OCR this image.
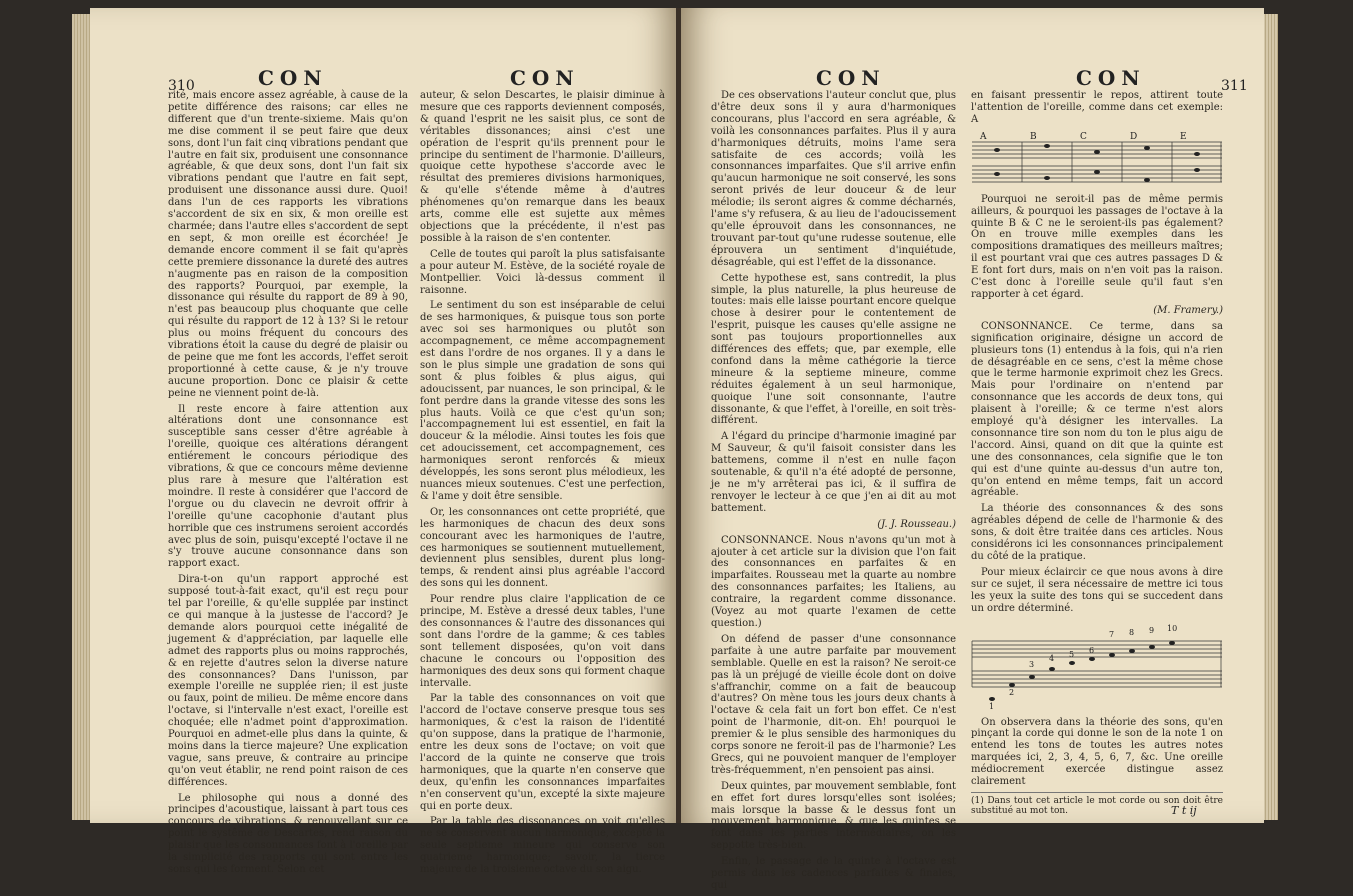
310	CON	CON

rité, mais encore assez agréable, à cause de la petite différence des raisons; car elles ne different que d'un trente-sixieme. Mais qu'on me dise comment il se peut faire que deux sons, dont l'un fait cinq vibrations pendant que l'autre en fait six, produisent une consonnance agréable, & que deux sons, dont l'un fait six vibrations pendant que l'autre en fait sept, produisent une dissonance aussi dure. Quoi! dans l'un de ces rapports les vibrations s'accordent de six en six, & mon oreille est charmée; dans l'autre elles s'accordent de sept en sept, & mon oreille est écorchée! Je demande encore comment il se fait qu'après cette premiere dissonance la dureté des autres n'augmente pas en raison de la composition des rapports? Pourquoi, par exemple, la dissonance qui résulte du rapport de 89 à 90, n'est pas beaucoup plus choquante que celle qui résulte du rapport de 12 à 13? Si le retour plus ou moins fréquent du concours des vibrations étoit la cause du degré de plaisir ou de peine que me font les accords, l'effet seroit proportionné à cette cause, & je n'y trouve aucune proportion. Donc ce plaisir & cette peine ne viennent point de-là.

Il reste encore à faire attention aux altérations dont une consonnance est susceptible sans cesser d'être agréable à l'oreille, quoique ces altérations dérangent entiérement le concours périodique des vibrations, & que ce concours même devienne plus rare à mesure que l'altération est moindre. Il reste à considérer que l'accord de l'orgue ou du clavecin ne devroit offrir à l'oreille qu'une cacophonie d'autant plus horrible que ces instrumens seroient accordés avec plus de soin, puisqu'excepté l'octave il ne s'y trouve aucune consonnance dans son rapport exact.

Dira-t-on qu'un rapport approché est supposé tout-à-fait exact, qu'il est reçu pour tel par l'oreille, & qu'elle supplée par instinct ce qui manque à la justesse de l'accord? Je demande alors pourquoi cette inégalité de jugement & d'appréciation, par laquelle elle admet des rapports plus ou moins rapprochés, & en rejette d'autres selon la diverse nature des consonnances? Dans l'unisson, par exemple l'oreille ne supplée rien; il est juste ou faux, point de milieu. De même encore dans l'octave, si l'intervalle n'est exact, l'oreille est choquée; elle n'admet point d'approximation. Pourquoi en admet-elle plus dans la quinte, & moins dans la tierce majeure? Une explication vague, sans preuve, & contraire au principe qu'on veut établir, ne rend point raison de ces différences.

Le philosophe qui nous a donné des principes d'acoustique, laissant à part tous ces concours de vibrations, & renouvellant sur ce point le systême de Descartes, rend raison du plaisir que les consonnances font à l'oreille par la simplicité des rapports qui sont entre les sons qui les forment. Selon cet

auteur, & selon Descartes, le plaisir diminue à mesure que ces rapports deviennent composés, & quand l'esprit ne les saisit plus, ce sont de véritables dissonances; ainsi c'est une opération de l'esprit qu'ils prennent pour le principe du sentiment de l'harmonie. D'ailleurs, quoique cette hypothese s'accorde avec le résultat des premieres divisions harmoniques, & qu'elle s'étende même à d'autres phénomenes qu'on remarque dans les beaux arts, comme elle est sujette aux mêmes objections que la précédente, il n'est pas possible à la raison de s'en contenter.

Celle de toutes qui paroît la plus satisfaisante a pour auteur M. Estève, de la société royale de Montpellier. Voici là-dessus comment il raisonne.

Le sentiment du son est inséparable de celui de ses harmoniques, & puisque tous son porte avec soi ses harmoniques ou plutôt son accompagnement, ce même accompagnement est dans l'ordre de nos organes. Il y a dans le son le plus simple une gradation de sons qui sont & plus foibles & plus aigus, qui adoucissent, par nuances, le son principal, & le font perdre dans la grande vitesse des sons les plus hauts. Voilà ce que c'est qu'un son; l'accompagnement lui est essentiel, en fait la douceur & la mélodie. Ainsi toutes les fois que cet adoucissement, cet accompagnement, ces harmoniques seront renforcés & mieux développés, les sons seront plus mélodieux, les nuances mieux soutenues. C'est une perfection, & l'ame y doit être sensible.

Or, les consonnances ont cette propriété, que les harmoniques de chacun des deux sons concourant avec les harmoniques de l'autre, ces harmoniques se soutiennent mutuellement, deviennent plus sensibles, durent plus long-temps, & rendent ainsi plus agréable l'accord des sons qui les donnent.

Pour rendre plus claire l'application de ce principe, M. Estève a dressé deux tables, l'une des consonnances & l'autre des dissonances qui sont dans l'ordre de la gamme; & ces tables sont tellement disposées, qu'on voit dans chacune le concours ou l'opposition des harmoniques des deux sons qui forment chaque intervalle.

Par la table des consonnances on voit que l'accord de l'octave conserve presque tous ses harmoniques, & c'est la raison de l'identité qu'on suppose, dans la pratique de l'harmonie, entre les deux sons de l'octave; on voit que l'accord de la quinte ne conserve que trois harmoniques, que la quarte n'en conserve que deux, qu'enfin les consonnances imparfaites n'en conservent qu'un, excepté la sixte majeure qui en porte deux.

Par la table des dissonances on voit qu'elles ne se conservent aucun harmonique, excepté la seule septieme mineure qui conserve son quatrieme harmonique; savoir, la tierce majeure de la troisieme octave du son aigu.

CON	CON	311

De ces observations l'auteur conclut que, plus d'être deux sons il y aura d'harmoniques concourans, plus l'accord en sera agréable, & voilà les consonnances parfaites. Plus il y aura d'harmoniques détruits, moins l'ame sera satisfaite de ces accords; voilà les consonnances imparfaites. Que s'il arrive enfin qu'aucun harmonique ne soit conservé, les sons seront privés de leur douceur & de leur mélodie; ils seront aigres & comme décharnés, l'ame s'y refusera, & au lieu de l'adoucissement qu'elle éprouvoit dans les consonnances, ne trouvant par-tout qu'une rudesse soutenue, elle éprouvera un sentiment d'inquiétude, désagréable, qui est l'effet de la dissonance.

Cette hypothese est, sans contredit, la plus simple, la plus naturelle, la plus heureuse de toutes: mais elle laisse pourtant encore quelque chose à desirer pour le contentement de l'esprit, puisque les causes qu'elle assigne ne sont pas toujours proportionnelles aux différences des effets; que, par exemple, elle confond dans la même cathégorie la tierce mineure & la septieme mineure, comme réduites également à un seul harmonique, quoique l'une soit consonnante, l'autre dissonante, & que l'effet, à l'oreille, en soit très-différent.

A l'égard du principe d'harmonie imaginé par M Sauveur, & qu'il faisoit consister dans les battemens, comme il n'est en nulle façon soutenable, & qu'il n'a été adopté de personne, je ne m'y arrêterai pas ici, & il suffira de renvoyer le lecteur à ce que j'en ai dit au mot battement.

(J. J. Rousseau.)

CONSONNANCE. Nous n'avons qu'un mot à ajouter à cet article sur la division que l'on fait des consonnances en parfaites & en imparfaites. Rousseau met la quarte au nombre des consonnances parfaites; les Italiens, au contraire, la regardent comme dissonance. (Voyez au mot quarte l'examen de cette question.)

On défend de passer d'une consonnance parfaite à une autre parfaite par mouvement semblable. Quelle en est la raison? Ne seroit-ce pas là un préjugé de vieille école dont on doive s'affranchir, comme on a fait de beaucoup d'autres? On mène tous les jours deux chants à l'octave & cela fait un fort bon effet. Ce n'est point de l'harmonie, dit-on. Eh! pourquoi le premier & le plus sensible des harmoniques du corps sonore ne feroit-il pas de l'harmonie? Les Grecs, qui ne pouvoient manquer de l'employer très-fréquemment, n'en pensoient pas ainsi.

Deux quintes, par mouvement semblable, font en effet fort dures lorsqu'elles sont isolées; mais lorsque la basse & le dessus font un mouvement harmonique, & que les quintes se font dans les parties intermédiaires, on les seppotte très-bien.

Enfin, le passage de la quinte à l'octave est permis dans les cadences parfaites & finales, qui

en faisant pressentir le repos, attirent toute l'attention de l'oreille, comme dans cet exemple: A

A	B	C	D	E

Pourquoi ne seroit-il pas de même permis ailleurs, & pourquoi les passages de l'octave à la quinte B & C ne le seroient-ils pas également? On en trouve mille exemples dans les compositions dramatiques des meilleurs maîtres; il est pourtant vrai que ces autres passages D & E font fort durs, mais on n'en voit pas la raison. C'est donc à l'oreille seule qu'il faut s'en rapporter à cet égard.

(M. Framery.)

CONSONNANCE. Ce terme, dans sa signification originaire, désigne un accord de plusieurs tons (1) entendus à la fois, qui n'a rien de désagréable en ce sens, c'est la même chose que le terme harmonie exprimoit chez les Grecs. Mais pour l'ordinaire on n'entend par consonnance que les accords de deux tons, qui plaisent à l'oreille; & ce terme n'est alors employé qu'à désigner les intervalles. La consonnance tire son nom du ton le plus aigu de l'accord. Ainsi, quand on dit que la quinte est une des consonnances, cela signifie que le ton qui est d'une quinte au-dessus d'un autre ton, qu'on entend en même temps, fait un accord agréable.

La théorie des consonnances & des sons agréables dépend de celle de l'harmonie & des sons, & doit être traitée dans ces articles. Nous considérons ici les consonnances principalement du côté de la pratique.

Pour mieux éclaircir ce que nous avons à dire sur ce sujet, il sera nécessaire de mettre ici tous les yeux la suite des tons qui se succedent dans un ordre déterminé.

1
2
3
4 5 6
7 8 9 10

On observera dans la théorie des sons, qu'en pinçant la corde qui donne le son de la note 1 on entend les tons de toutes les autres notes marquées ici, 2, 3, 4, 5, 6, 7, &c. Une oreille médiocrement exercée distingue assez clairement

(1) Dans tout cet article le mot corde ou son doit être substitué au mot ton.	T t ij
